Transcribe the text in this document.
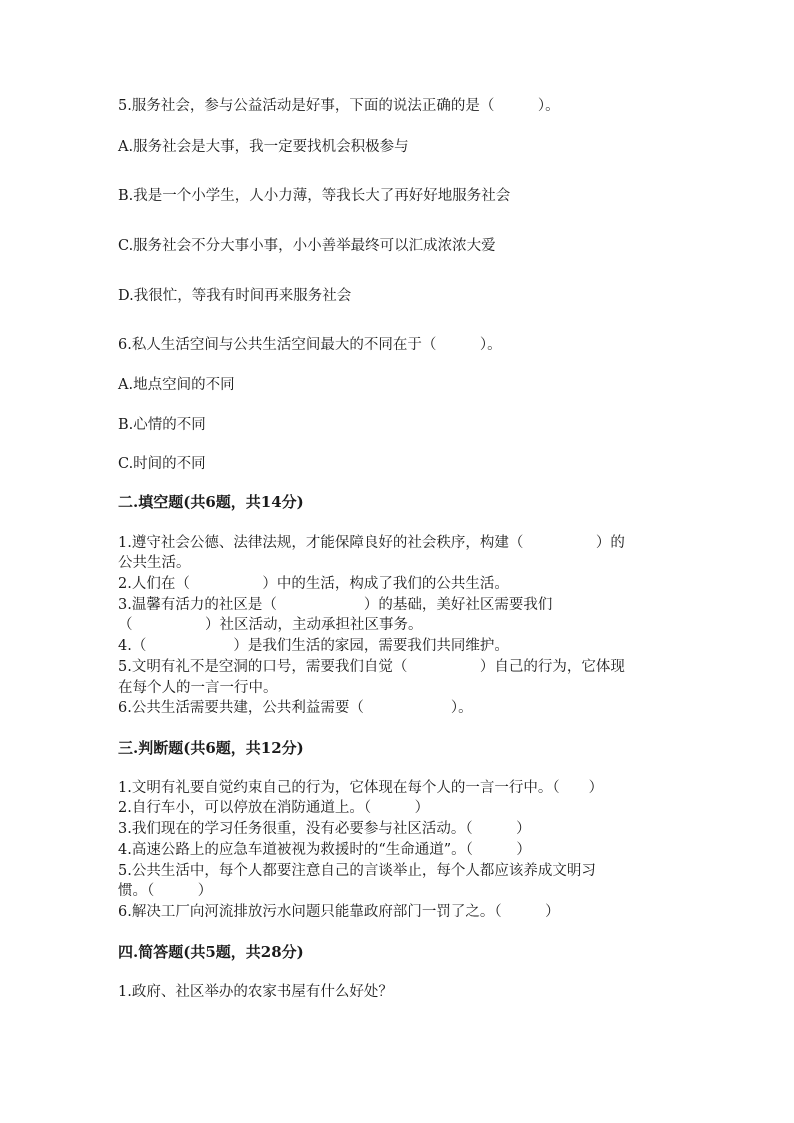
5.服务社会，参与公益活动是好事，下面的说法正确的是（　　　）。
A.服务社会是大事，我一定要找机会积极参与
B.我是一个小学生，人小力薄，等我长大了再好好地服务社会
C.服务社会不分大事小事，小小善举最终可以汇成浓浓大爱
D.我很忙，等我有时间再来服务社会
6.私人生活空间与公共生活空间最大的不同在于（　　　）。
A.地点空间的不同
B.心情的不同
C.时间的不同
二.填空题(共6题，共14分)
1.遵守社会公德、法律法规，才能保障良好的社会秩序，构建（　　　　　）的
公共生活。
2.人们在（　　　　　）中的生活，构成了我们的公共生活。
3.温馨有活力的社区是（　　　　　　）的基础，美好社区需要我们
（　　　　　）社区活动，主动承担社区事务。
4.（　　　　　　）是我们生活的家园，需要我们共同维护。
5.文明有礼不是空洞的口号，需要我们自觉（　　　　　）自己的行为，它体现
在每个人的一言一行中。
6.公共生活需要共建，公共利益需要（　　　　　　）。
三.判断题(共6题，共12分)
1.文明有礼要自觉约束自己的行为，它体现在每个人的一言一行中。（　　）
2.自行车小，可以停放在消防通道上。（　　　）
3.我们现在的学习任务很重，没有必要参与社区活动。（　　　）
4.高速公路上的应急车道被视为救援时的“生命通道”。（　　　）
5.公共生活中，每个人都要注意自己的言谈举止，每个人都应该养成文明习
惯。（　　　）
6.解决工厂向河流排放污水问题只能靠政府部门一罚了之。（　　　）
四.简答题(共5题，共28分)
1.政府、社区举办的农家书屋有什么好处？
